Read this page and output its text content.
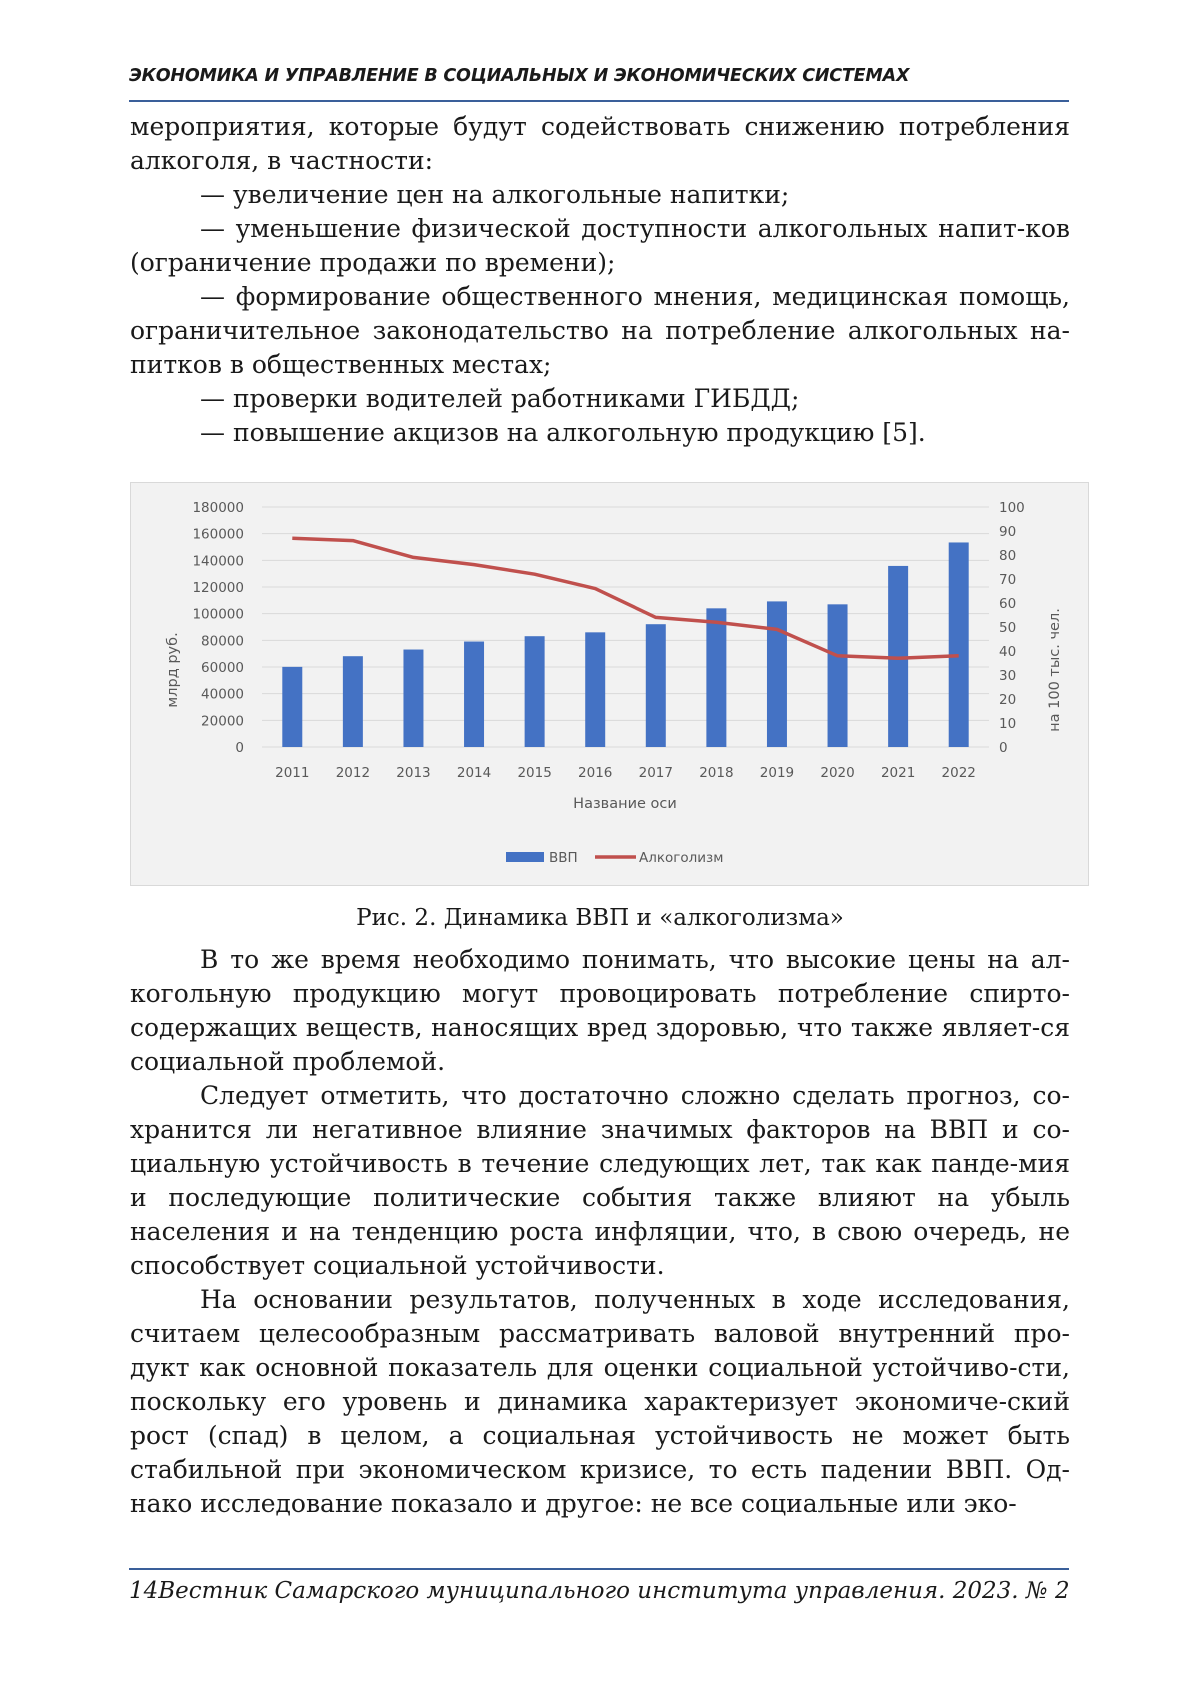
ЭКОНОМИКА И УПРАВЛЕНИЕ В СОЦИАЛЬНЫХ И ЭКОНОМИЧЕСКИХ СИСТЕМАХ

мероприятия, которые будут содействовать снижению потребления

алкоголя, в частности:

— увеличение цен на алкогольные напитки;

— уменьшение физической доступности алкогольных напит-ков (ограничение продажи по времени);

— формирование общественного мнения, медицинская помощь, ограничительное законодательство на потребление алкогольных на-питков в общественных местах;

— проверки водителей работниками ГИБДД;

— повышение акцизов на алкогольную продукцию [5].

0
20000
40000
60000
80000
100000
120000
140000
160000
180000
0
10
20
30
40
50
60
70
80
90
100
2011 2012 2013 2014 2015 2016 2017 2018 2019 2020 2021 2022
млрд руб.	на 100 тыс. чел.
Название оси
ВВП	Алкоголизм
Рис. 2. Динамика ВВП и «алкоголизма»

В то же время необходимо понимать, что высокие цены на ал-когольную продукцию могут провоцировать потребление спирто-содержащих веществ, наносящих вред здоровью, что также являет-ся социальной проблемой.

Следует отметить, что достаточно сложно сделать прогноз, со-хранится ли негативное влияние значимых факторов на ВВП и со-циальную устойчивость в течение следующих лет, так как панде-мия и последующие политические события также влияют на убыль населения и на тенденцию роста инфляции, что, в свою очередь, не способствует социальной устойчивости.

На основании результатов, полученных в ходе исследования, считаем целесообразным рассматривать валовой внутренний про-дукт как основной показатель для оценки социальной устойчиво-сти, поскольку его уровень и динамика характеризует экономиче-ский рост (спад) в целом, а социальная устойчивость не может быть стабильной при экономическом кризисе, то есть падении ВВП. Од-нако исследование показало и другое: не все социальные или эко-

14 Вестник Самарского муниципального института управления. 2023. № 2
